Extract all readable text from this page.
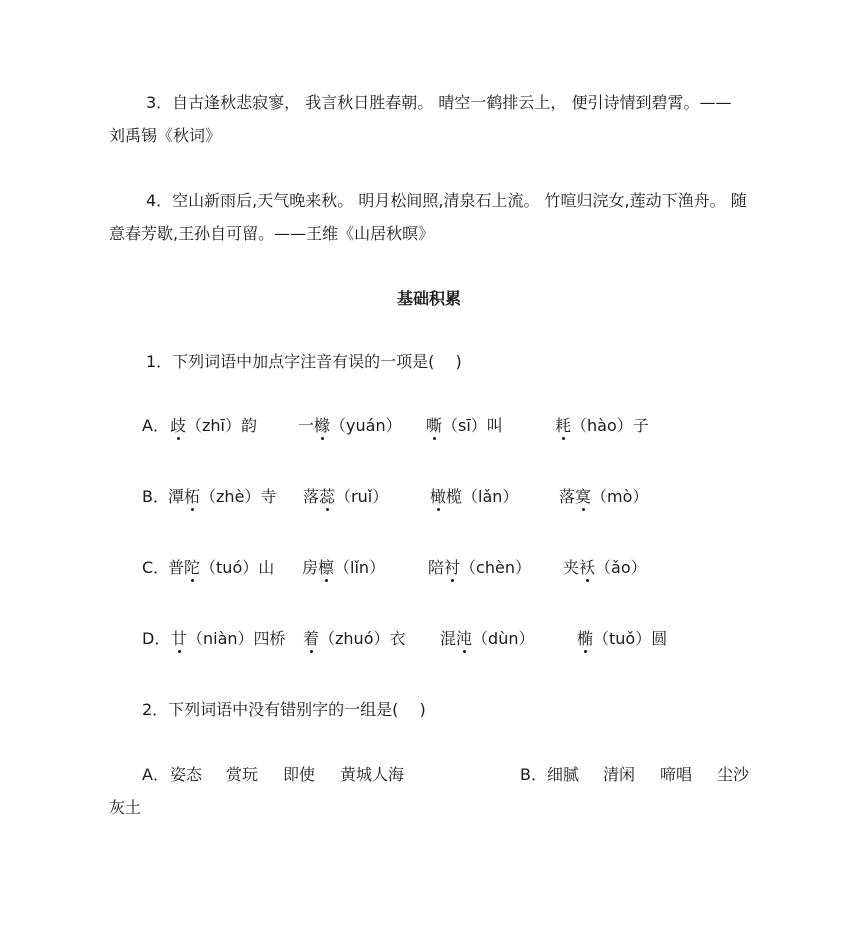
3．自古逢秋悲寂寥， 我言秋日胜春朝。 晴空一鹤排云上， 便引诗情到碧霄。——
刘禹锡《秋词》
4．空山新雨后,天气晚来秋。 明月松间照,清泉石上流。 竹喧归浣女,莲动下渔舟。 随
意春芳歇,王孙自可留。——王维《山居秋暝》
基础积累
1．下列词语中加点字注音有误的一项是(　 )
A． 歧（zhī）韵	一橼（yuán） 嘶（sī）叫	耗（hào）子
B． 潭柘（zhè）寺 落蕊（ruǐ）	橄榄（lǎn）	落寞（mò）
C．
普陀（tuó）山 房檩（lǐn）	陪衬（chèn） 夹袄（ǎo）
D． 廿（niàn）四桥 着（zhuó）衣 混沌（dùn）	椭（tuǒ）圆
2．下列词语中没有错别字的一组是(　 )
A． 姿态 赏玩 即使 黄城人海	B． 细腻 清闲 啼唱 尘沙
灰土
